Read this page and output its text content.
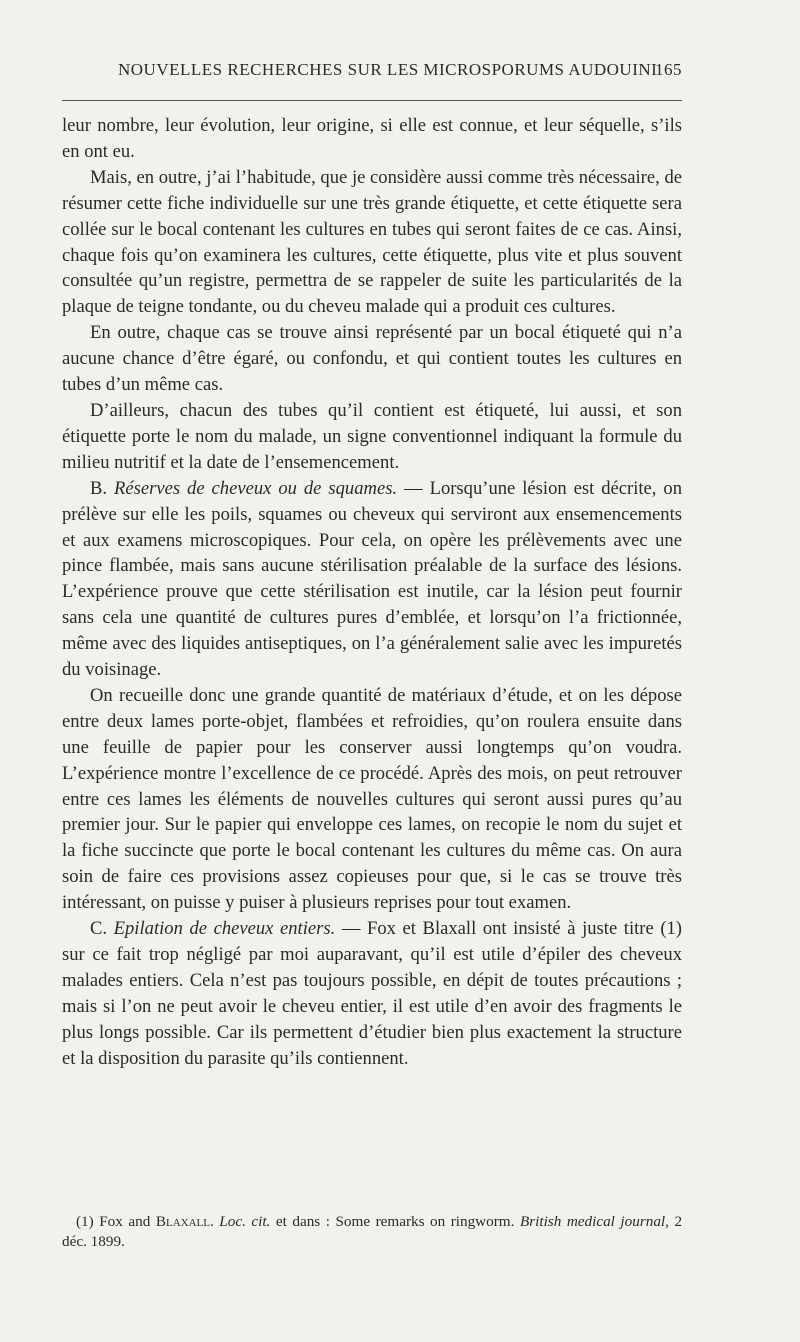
NOUVELLES RECHERCHES SUR LES MICROSPORUMS AUDOUINI
165

leur nombre, leur évolution, leur origine, si elle est connue, et leur séquelle, s’ils en ont eu.

Mais, en outre, j’ai l’habitude, que je considère aussi comme très nécessaire, de résumer cette fiche individuelle sur une très grande étiquette, et cette étiquette sera collée sur le bocal contenant les cultures en tubes qui seront faites de ce cas. Ainsi, chaque fois qu’on examinera les cultures, cette étiquette, plus vite et plus souvent consultée qu’un registre, permettra de se rappeler de suite les particularités de la plaque de teigne tondante, ou du cheveu malade qui a produit ces cultures.

En outre, chaque cas se trouve ainsi représenté par un bocal étiqueté qui n’a aucune chance d’être égaré, ou confondu, et qui contient toutes les cultures en tubes d’un même cas.

D’ailleurs, chacun des tubes qu’il contient est étiqueté, lui aussi, et son étiquette porte le nom du malade, un signe conventionnel indiquant la formule du milieu nutritif et la date de l’ensemencement.

B. Réserves de cheveux ou de squames. — Lorsqu’une lésion est décrite, on prélève sur elle les poils, squames ou cheveux qui serviront aux ensemencements et aux examens microscopiques. Pour cela, on opère les prélèvements avec une pince flambée, mais sans aucune stérilisation préalable de la surface des lésions. L’expérience prouve que cette stérilisation est inutile, car la lésion peut fournir sans cela une quantité de cultures pures d’emblée, et lorsqu’on l’a frictionnée, même avec des liquides antiseptiques, on l’a généralement salie avec les impuretés du voisinage.

On recueille donc une grande quantité de matériaux d’étude, et on les dépose entre deux lames porte-objet, flambées et refroidies, qu’on roulera ensuite dans une feuille de papier pour les conserver aussi longtemps qu’on voudra. L’expérience montre l’excellence de ce procédé. Après des mois, on peut retrouver entre ces lames les éléments de nouvelles cultures qui seront aussi pures qu’au premier jour. Sur le papier qui enveloppe ces lames, on recopie le nom du sujet et la fiche succincte que porte le bocal contenant les cultures du même cas. On aura soin de faire ces provisions assez copieuses pour que, si le cas se trouve très intéressant, on puisse y puiser à plusieurs reprises pour tout examen.

C. Epilation de cheveux entiers. — Fox et Blaxall ont insisté à juste titre (1) sur ce fait trop négligé par moi auparavant, qu’il est utile d’épiler des cheveux malades entiers. Cela n’est pas toujours possible, en dépit de toutes précautions ; mais si l’on ne peut avoir le cheveu entier, il est utile d’en avoir des fragments le plus longs possible. Car ils permettent d’étudier bien plus exactement la structure et la disposition du parasite qu’ils contiennent.

(1) Fox and Blaxall. Loc. cit. et dans : Some remarks on ringworm. British medical journal, 2 déc. 1899.
